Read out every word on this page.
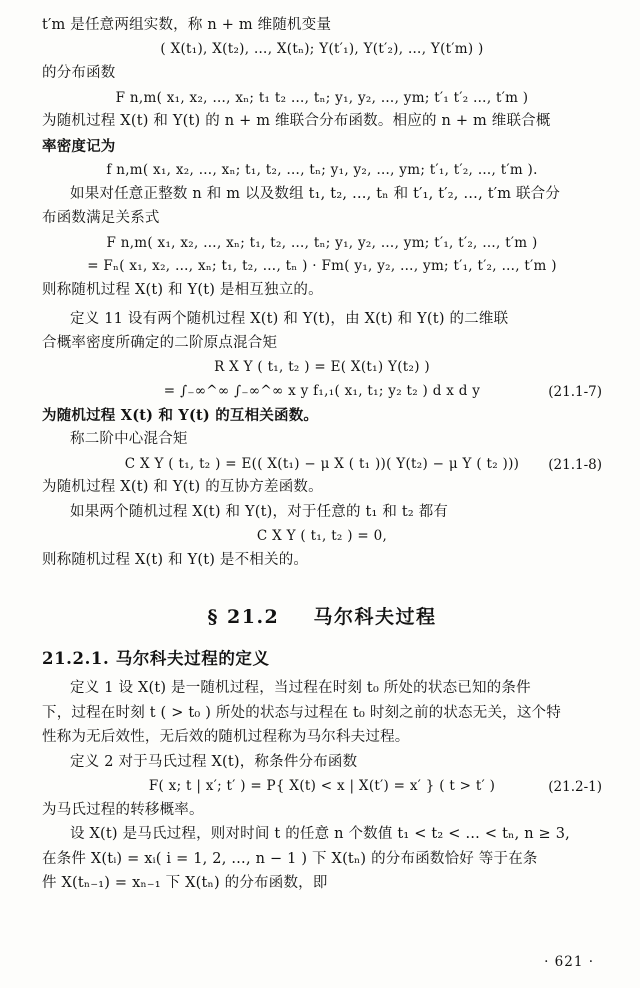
t′m 是任意两组实数，称 n + m 维随机变量
( X(t₁), X(t₂), …, X(tₙ); Y(t′₁), Y(t′₂), …, Y(t′m) )
的分布函数
F n,m( x₁, x₂, …, xₙ; t₁ t₂ …, tₙ; y₁, y₂, …, ym; t′₁ t′₂ …, t′m )
为随机过程 X(t) 和 Y(t) 的 n + m 维联合分布函数。相应的 n + m 维联合概
率密度记为
f n,m( x₁, x₂, …, xₙ; t₁, t₂, …, tₙ; y₁, y₂, …, ym; t′₁, t′₂, …, t′m ).
如果对任意正整数 n 和 m 以及数组 t₁, t₂, …, tₙ 和 t′₁, t′₂, …, t′m 联合分
布函数满足关系式
F n,m( x₁, x₂, …, xₙ; t₁, t₂, …, tₙ; y₁, y₂, …, ym; t′₁, t′₂, …, t′m )
= Fₙ( x₁, x₂, …, xₙ; t₁, t₂, …, tₙ ) · Fm( y₁, y₂, …, ym; t′₁, t′₂, …, t′m )
则称随机过程 X(t) 和 Y(t) 是相互独立的。
定义 11 设有两个随机过程 X(t) 和 Y(t)，由 X(t) 和 Y(t) 的二维联
合概率密度所确定的二阶原点混合矩
R X Y ( t₁, t₂ ) = E( X(t₁) Y(t₂) )
= ∫₋∞^∞ ∫₋∞^∞ x y f₁,₁( x₁, t₁; y₂ t₂ ) d x d y	(21.1-7)
为随机过程 X(t) 和 Y(t) 的互相关函数。
称二阶中心混合矩
C X Y ( t₁, t₂ ) = E(( X(t₁) − μ X ( t₁ ))( Y(t₂) − μ Y ( t₂ )))	(21.1-8)
为随机过程 X(t) 和 Y(t) 的互协方差函数。
如果两个随机过程 X(t) 和 Y(t)，对于任意的 t₁ 和 t₂ 都有
C X Y ( t₁, t₂ ) = 0,
则称随机过程 X(t) 和 Y(t) 是不相关的。
§ 21.2 马尔科夫过程
21.2.1. 马尔科夫过程的定义
定义 1 设 X(t) 是一随机过程，当过程在时刻 t₀ 所处的状态已知的条件
下，过程在时刻 t ( > t₀ ) 所处的状态与过程在 t₀ 时刻之前的状态无关，这个特
性称为无后效性，无后效的随机过程称为马尔科夫过程。
定义 2 对于马氏过程 X(t)，称条件分布函数
F( x; t | x′; t′ ) = P{ X(t) < x | X(t′) = x′ } ( t > t′ )	(21.2-1)
为马氏过程的转移概率。
设 X(t) 是马氏过程，则对时间 t 的任意 n 个数值 t₁ < t₂ < … < tₙ, n ≥ 3,
在条件 X(tᵢ) = xᵢ( i = 1, 2, …, n − 1 ) 下 X(tₙ) 的分布函数恰好 等于在条
件 X(tₙ₋₁) = xₙ₋₁ 下 X(tₙ) 的分布函数，即
· 621 ·
